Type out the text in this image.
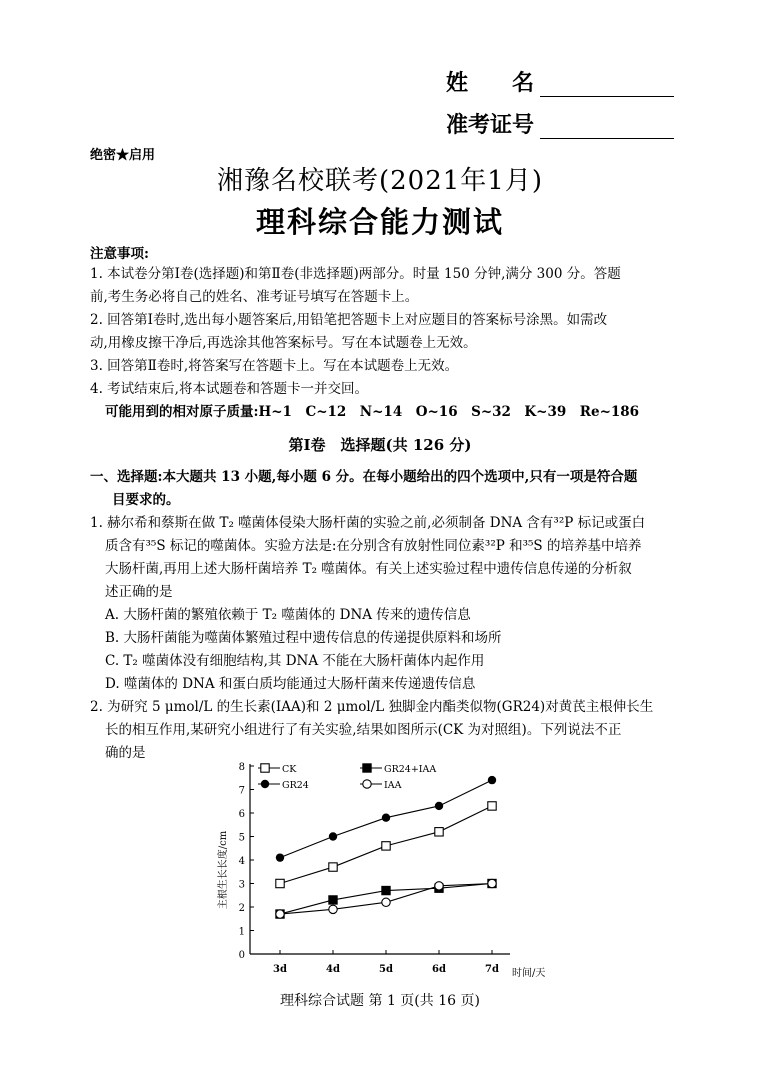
姓　　名
准考证号
绝密★启用
湘豫名校联考(2021年1月)
理科综合能力测试
注意事项:
1. 本试卷分第Ⅰ卷(选择题)和第Ⅱ卷(非选择题)两部分。时量 150 分钟,满分 300 分。答题
前,考生务必将自己的姓名、准考证号填写在答题卡上。
2. 回答第Ⅰ卷时,选出每小题答案后,用铅笔把答题卡上对应题目的答案标号涂黑。如需改
动,用橡皮擦干净后,再选涂其他答案标号。写在本试题卷上无效。
3. 回答第Ⅱ卷时,将答案写在答题卡上。写在本试题卷上无效。
4. 考试结束后,将本试题卷和答题卡一并交回。
可能用到的相对原子质量:H~1　C~12　N~14　O~16　S~32　K~39　Re~186
第Ⅰ卷　选择题(共 126 分)
一、选择题:本大题共 13 小题,每小题 6 分。在每小题给出的四个选项中,只有一项是符合题
目要求的。
1. 赫尔希和蔡斯在做 T₂ 噬菌体侵染大肠杆菌的实验之前,必须制备 DNA 含有³²P 标记或蛋白
质含有³⁵S 标记的噬菌体。实验方法是:在分别含有放射性同位素³²P 和³⁵S 的培养基中培养
大肠杆菌,再用上述大肠杆菌培养 T₂ 噬菌体。有关上述实验过程中遗传信息传递的分析叙
述正确的是
A. 大肠杆菌的繁殖依赖于 T₂ 噬菌体的 DNA 传来的遗传信息
B. 大肠杆菌能为噬菌体繁殖过程中遗传信息的传递提供原料和场所
C. T₂ 噬菌体没有细胞结构,其 DNA 不能在大肠杆菌体内起作用
D. 噬菌体的 DNA 和蛋白质均能通过大肠杆菌来传递遗传信息
2. 为研究 5 μmol/L 的生长素(IAA)和 2 μmol/L 独脚金内酯类似物(GR24)对黄芪主根伸长生
长的相互作用,某研究小组进行了有关实验,结果如图所示(CK 为对照组)。下列说法不正
确的是
0
1
2
3
4
5
6
7
8
3d	4d	5d	6d	7d 时间/天
主根生长长度/cm
CK	GR24+IAA
GR24	IAA
理科综合试题 第 1 页(共 16 页)
